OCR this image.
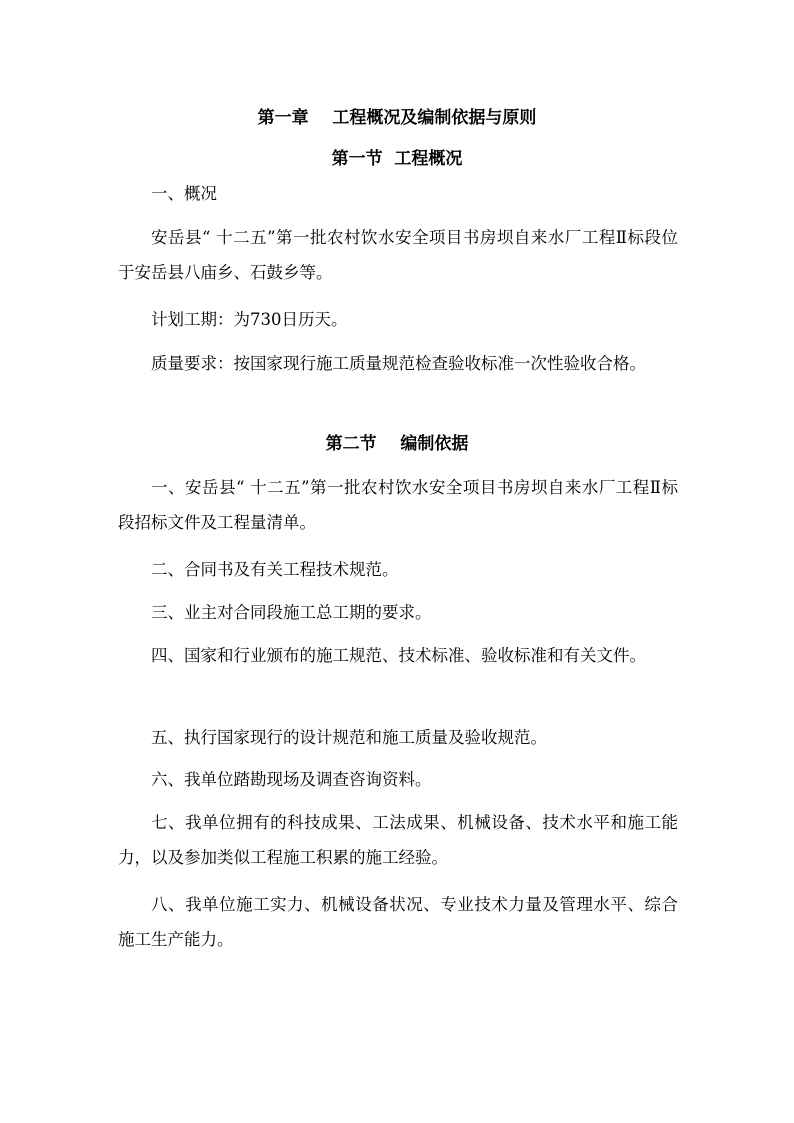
第一章    工程概况及编制依据与原则
第一节  工程概况
一、概况
安岳县“ 十二五”第一批农村饮水安全项目书房坝自来水厂工程Ⅱ标段位于安岳县八庙乡、石鼓乡等。
计划工期：为730日历天。
质量要求：按国家现行施工质量规范检查验收标准一次性验收合格。
第二节    编制依据
一、安岳县“ 十二五”第一批农村饮水安全项目书房坝自来水厂工程Ⅱ标段招标文件及工程量清单。
二、合同书及有关工程技术规范。
三、业主对合同段施工总工期的要求。
四、国家和行业颁布的施工规范、技术标准、验收标准和有关文件。
五、执行国家现行的设计规范和施工质量及验收规范。
六、我单位踏勘现场及调查咨询资料。
七、我单位拥有的科技成果、工法成果、机械设备、技术水平和施工能力，以及参加类似工程施工积累的施工经验。
八、我单位施工实力、机械设备状况、专业技术力量及管理水平、综合施工生产能力。
